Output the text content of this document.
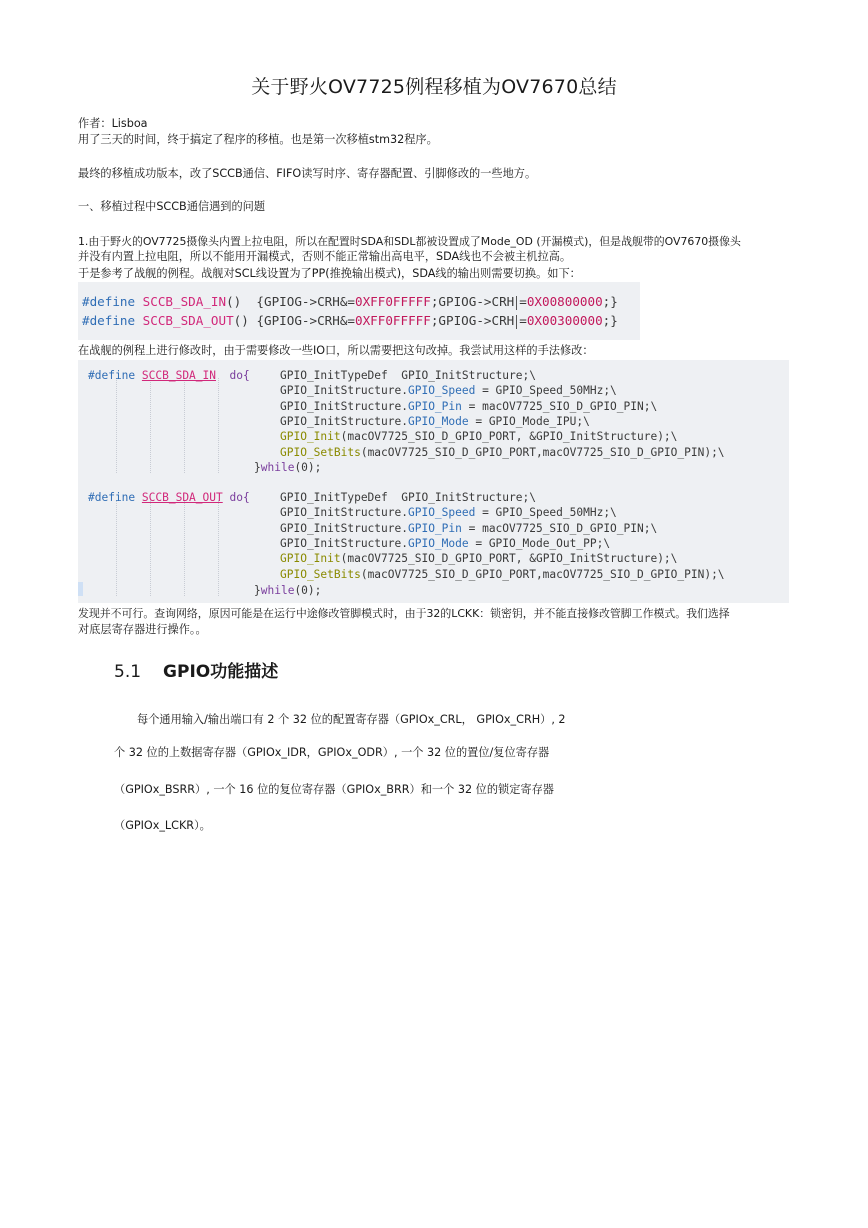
关于野火OV7725例程移植为OV7670总结
作者：Lisboa
用了三天的时间，终于搞定了程序的移植。也是第一次移植stm32程序。
最终的移植成功版本，改了SCCB通信、FIFO读写时序、寄存器配置、引脚修改的一些地方。
一、移植过程中SCCB通信遇到的问题
1.由于野火的OV7725摄像头内置上拉电阻，所以在配置时SDA和SDL都被设置成了Mode_OD (开漏模式)，但是战舰带的OV7670摄像头
并没有内置上拉电阻，所以不能用开漏模式，否则不能正常输出高电平，SDA线也不会被主机拉高。
于是参考了战舰的例程。战舰对SCL线设置为了PP(推挽输出模式)，SDA线的输出则需要切换。如下：
#define SCCB_SDA_IN() {GPIOG->CRH&=0XFF0FFFFF;GPIOG->CRH =0X00800000;}
#define SCCB_SDA_OUT() {GPIOG->CRH&=0XFF0FFFFF;GPIOG->CRH =0X00300000;}
在战舰的例程上进行修改时，由于需要修改一些IO口，所以需要把这句改掉。我尝试用这样的手法修改：
#define SCCB_SDA_IN do{
#define SCCB_SDA_OUT do{
GPIO_InitTypeDef  GPIO_InitStructure;\
GPIO_InitStructure.GPIO_Speed = GPIO_Speed_50MHz;\
GPIO_InitStructure.GPIO_Pin = macOV7725_SIO_D_GPIO_PIN;\
GPIO_InitStructure.GPIO_Mode = GPIO_Mode_IPU;\
GPIO_Init(macOV7725_SIO_D_GPIO_PORT, &GPIO_InitStructure);\
GPIO_SetBits(macOV7725_SIO_D_GPIO_PORT,macOV7725_SIO_D_GPIO_PIN);\
GPIO_InitTypeDef  GPIO_InitStructure;\
GPIO_InitStructure.GPIO_Speed = GPIO_Speed_50MHz;\
GPIO_InitStructure.GPIO_Pin = macOV7725_SIO_D_GPIO_PIN;\
GPIO_InitStructure.GPIO_Mode = GPIO_Mode_Out_PP;\
GPIO_Init(macOV7725_SIO_D_GPIO_PORT, &GPIO_InitStructure);\
GPIO_SetBits(macOV7725_SIO_D_GPIO_PORT,macOV7725_SIO_D_GPIO_PIN);\
}while(0);
}while(0);
发现并不可行。查询网络，原因可能是在运行中途修改管脚模式时，由于32的LCKK：锁密钥，并不能直接修改管脚工作模式。我们选择
对底层寄存器进行操作。。
5.1 GPIO功能描述
每个通用输入/输出端口有 2 个 32 位的配置寄存器（GPIOx_CRL， GPIOx_CRH）, 2
个 32 位的上数据寄存器（GPIOx_IDR，GPIOx_ODR）, 一个 32 位的置位/复位寄存器
（GPIOx_BSRR）, 一个 16 位的复位寄存器（GPIOx_BRR）和一个 32 位的锁定寄存器
（GPIOx_LCKR）。
